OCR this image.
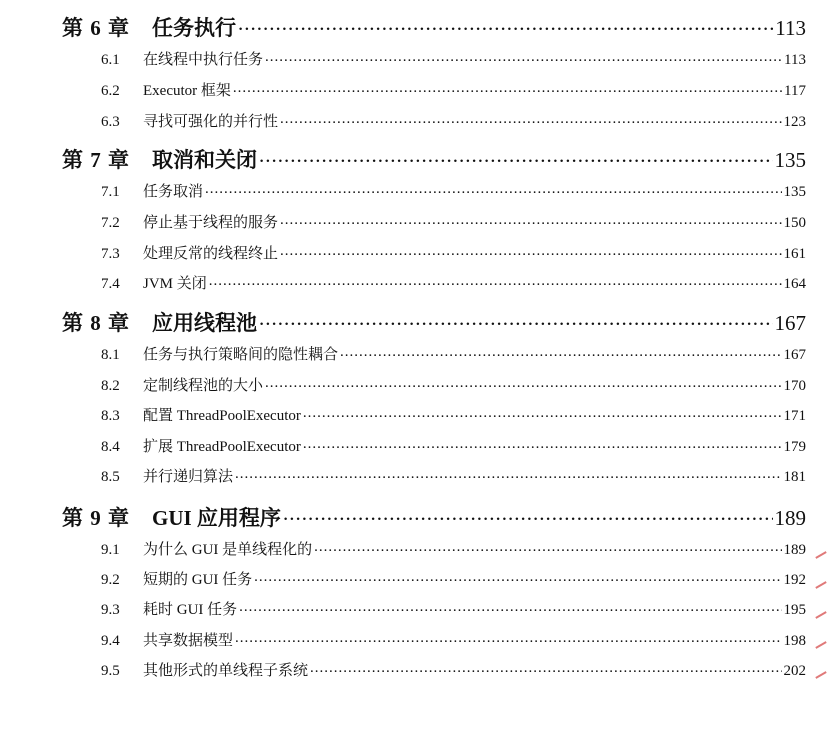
第 6 章	任务执行 .....	113
6.1	在线程中执行任务 .....	113
6.2	Executor 框架 .....	117
6.3	寻找可强化的并行性 .....	123
第 7 章	取消和关闭 .....	135
7.1	任务取消 .....	135
7.2	停止基于线程的服务 .....	150
7.3	处理反常的线程终止 .....	161
7.4	JVM 关闭 .....	164
第 8 章	应用线程池 .....	167
8.1	任务与执行策略间的隐性耦合 .....	167
8.2	定制线程池的大小 .....	170
8.3	配置 ThreadPoolExecutor .....	171
8.4	扩展 ThreadPoolExecutor .....	179
8.5	并行递归算法 .....	181
第 9 章	GUI 应用程序 .....	189
9.1	为什么 GUI 是单线程化的 .....	189
9.2	短期的 GUI 任务 .....	192
9.3	耗时 GUI 任务 .....	195
9.4	共享数据模型 .....	198
9.5	其他形式的单线程子系统 .....	202
